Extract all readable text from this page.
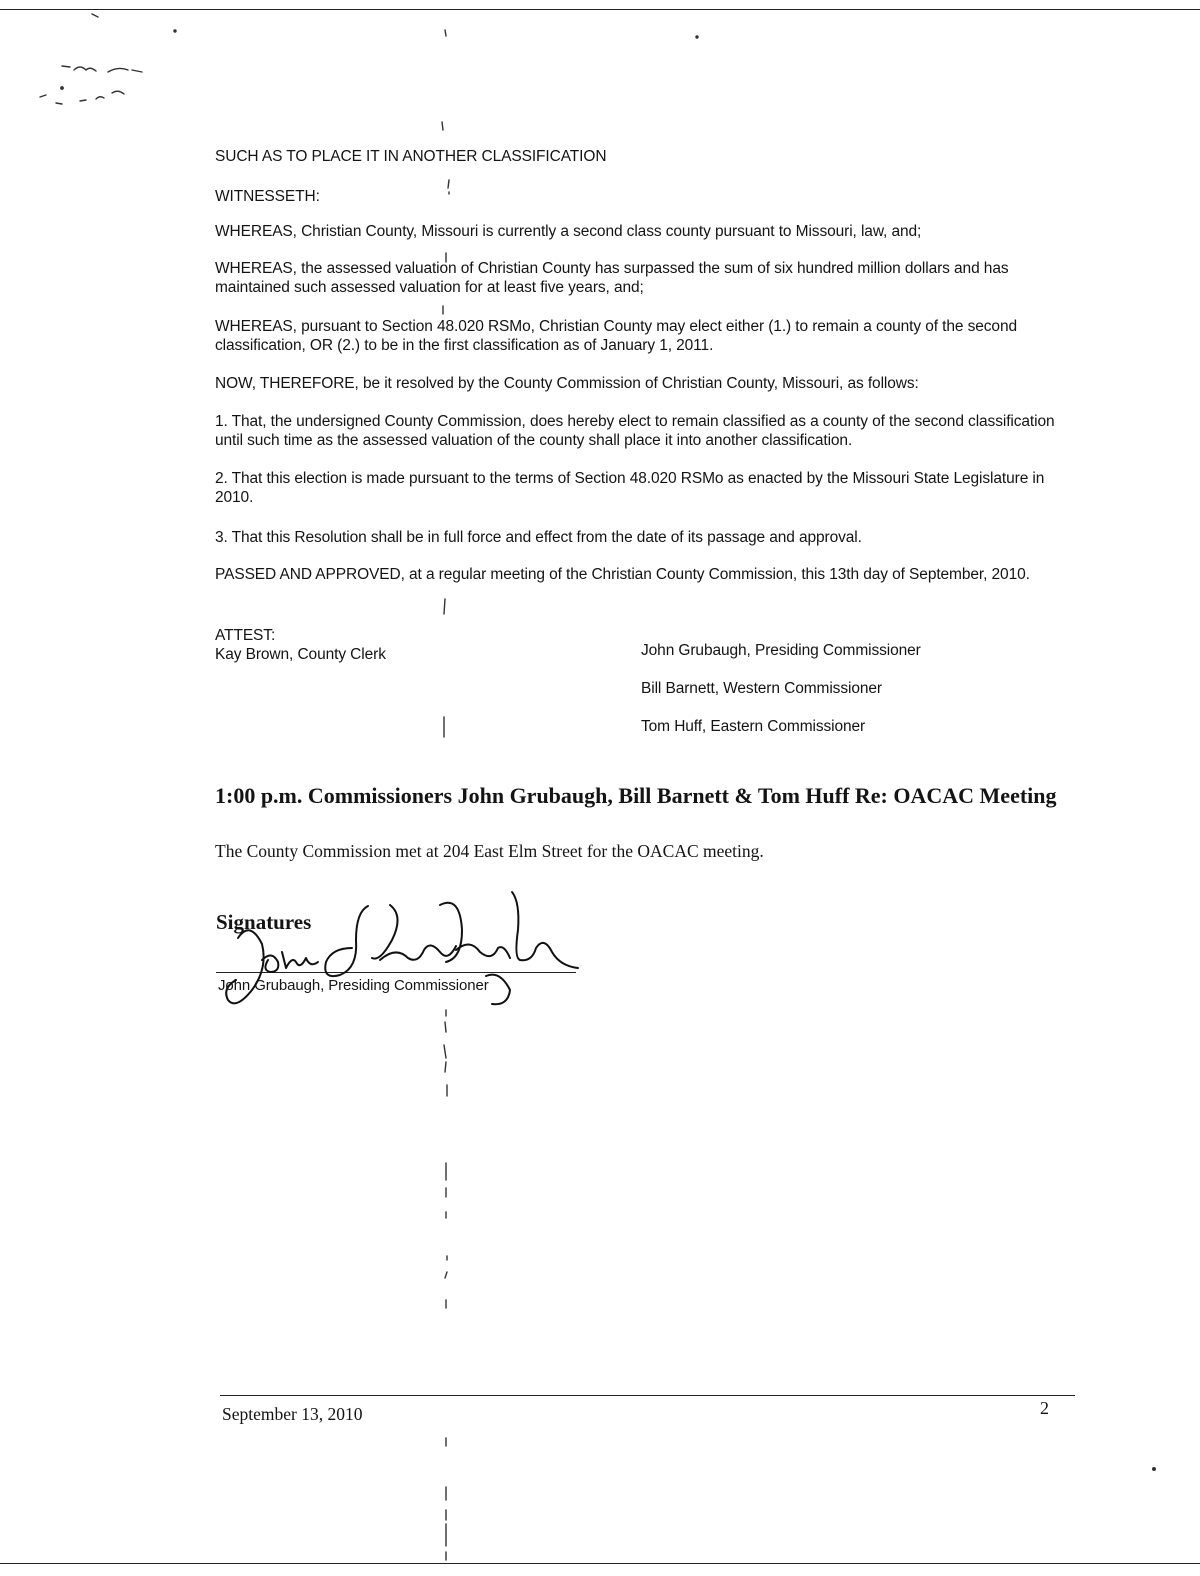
SUCH AS TO PLACE IT IN ANOTHER CLASSIFICATION

WITNESSETH:

WHEREAS, Christian County, Missouri is currently a second class county pursuant to Missouri, law, and;

WHEREAS, the assessed valuation of Christian County has surpassed the sum of six hundred million dollars and has maintained such assessed valuation for at least five years, and;

WHEREAS, pursuant to Section 48.020 RSMo, Christian County may elect either (1.) to remain a county of the second classification, OR (2.) to be in the first classification as of January 1, 2011.

NOW, THEREFORE, be it resolved by the County Commission of Christian County, Missouri, as follows:

1. That, the undersigned County Commission, does hereby elect to remain classified as a county of the second classification until such time as the assessed valuation of the county shall place it into another classification.

2. That this election is made pursuant to the terms of Section 48.020 RSMo as enacted by the Missouri State Legislature in 2010.

3. That this Resolution shall be in full force and effect from the date of its passage and approval.

PASSED AND APPROVED, at a regular meeting of the Christian County Commission, this 13th day of September, 2010.

ATTEST:
Kay Brown, County Clerk	John Grubaugh, Presiding Commissioner
Bill Barnett, Western Commissioner
Tom Huff, Eastern Commissioner
1:00 p.m. Commissioners John Grubaugh, Bill Barnett & Tom Huff Re: OACAC Meeting
The County Commission met at 204 East Elm Street for the OACAC meeting.
Signatures
John Grubaugh, Presiding Commissioner
September 13, 2010	2
